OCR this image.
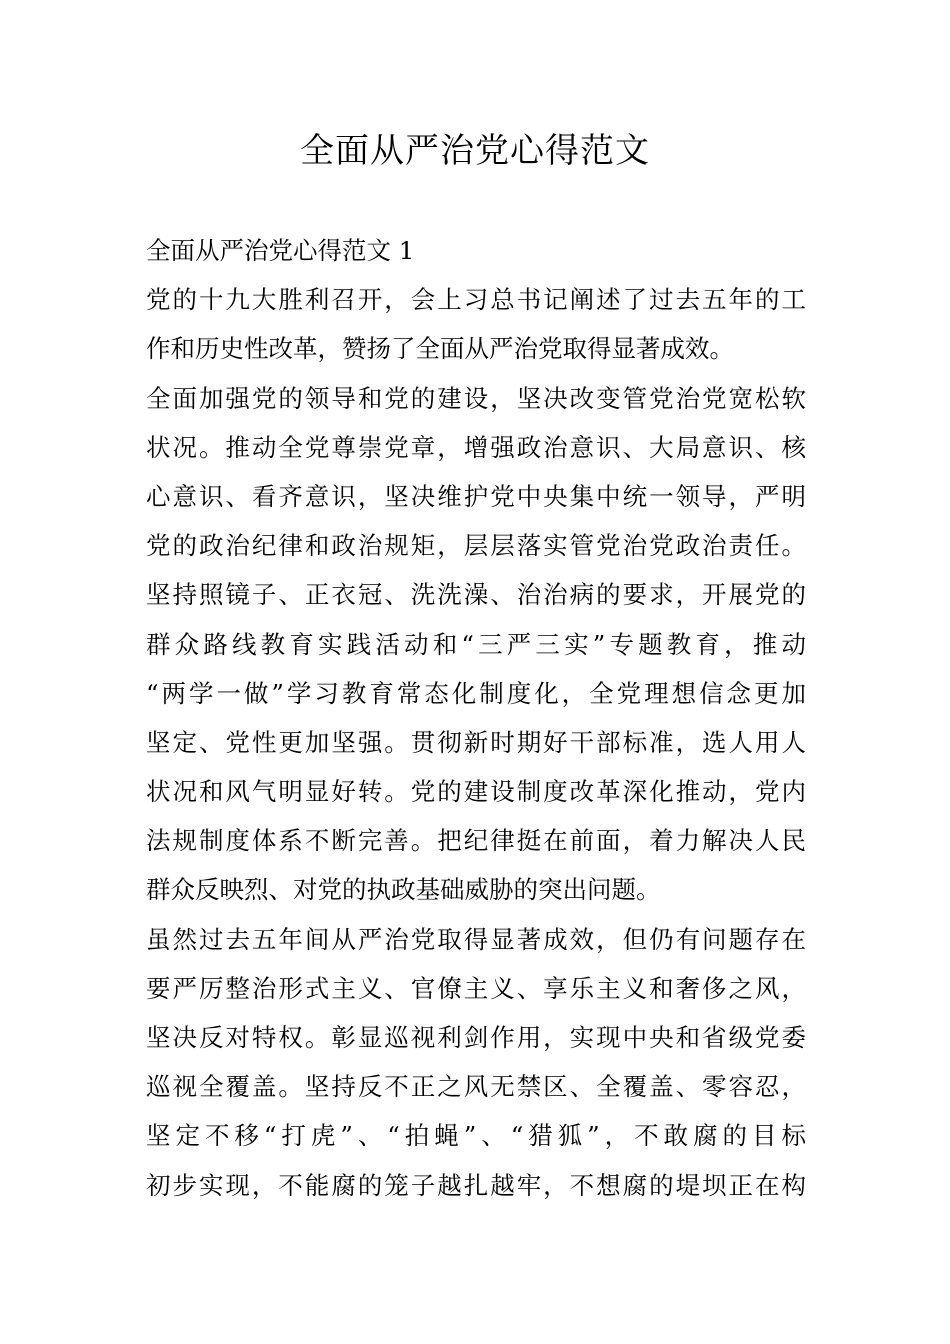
全面从严治党心得范文
全面从严治党心得范文 1
党的十九大胜利召开，会上习总书记阐述了过去五年的工
作和历史性改革，赞扬了全面从严治党取得显著成效。
全面加强党的领导和党的建设，坚决改变管党治党宽松软
状况。推动全党尊崇党章，增强政治意识、大局意识、核
心意识、看齐意识，坚决维护党中央集中统一领导，严明
党的政治纪律和政治规矩，层层落实管党治党政治责任。
坚持照镜子、正衣冠、洗洗澡、治治病的要求，开展党的
群众路线教育实践活动和“三严三实”专题教育，推动
“两学一做”学习教育常态化制度化，全党理想信念更加
坚定、党性更加坚强。贯彻新时期好干部标准，选人用人
状况和风气明显好转。党的建设制度改革深化推动，党内
法规制度体系不断完善。把纪律挺在前面，着力解决人民
群众反映烈、对党的执政基础威胁的突出问题。
虽然过去五年间从严治党取得显著成效，但仍有问题存在
要严厉整治形式主义、官僚主义、享乐主义和奢侈之风，
坚决反对特权。彰显巡视利剑作用，实现中央和省级党委
巡视全覆盖。坚持反不正之风无禁区、全覆盖、零容忍，
坚定不移“打虎”、“拍蝇”、“猎狐”，不敢腐的目标
初步实现，不能腐的笼子越扎越牢，不想腐的堤坝正在构
